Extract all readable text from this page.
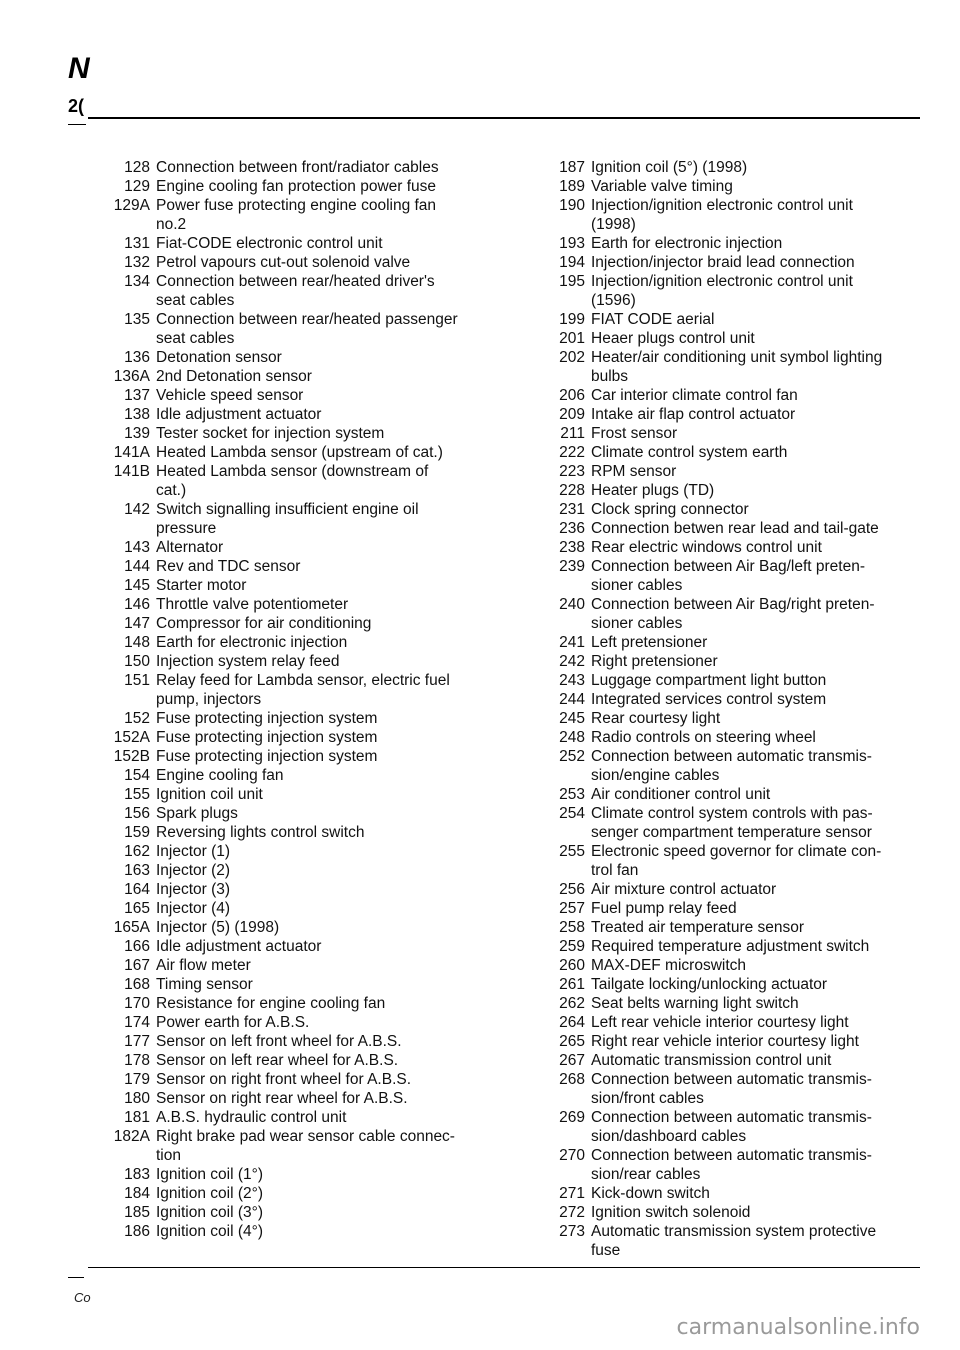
N
2(
128 Connection between front/radiator cables
129 Engine cooling fan protection power fuse
129A Power fuse protecting engine cooling fan
no.2
131 Fiat-CODE electronic control unit
132 Petrol vapours cut-out solenoid valve
134 Connection between rear/heated driver's
seat cables
135 Connection between rear/heated passenger
seat cables
136 Detonation sensor
136A 2nd Detonation sensor
137 Vehicle speed sensor
138 Idle adjustment actuator
139 Tester socket for injection system
141A Heated Lambda sensor (upstream of cat.)
141B Heated Lambda sensor (downstream of
cat.)
142 Switch signalling insufficient engine oil
pressure
143 Alternator
144 Rev and TDC sensor
145 Starter motor
146 Throttle valve potentiometer
147 Compressor for air conditioning
148 Earth for electronic injection
150 Injection system relay feed
151 Relay feed for Lambda sensor, electric fuel
pump, injectors
152 Fuse protecting injection system
152A Fuse protecting injection system
152B Fuse protecting injection system
154 Engine cooling fan
155 Ignition coil unit
156 Spark plugs
159 Reversing lights control switch
162 Injector (1)
163 Injector (2)
164 Injector (3)
165 Injector (4)
165A Injector (5) (1998)
166 Idle adjustment actuator
167 Air flow meter
168 Timing sensor
170 Resistance for engine cooling fan
174 Power earth for A.B.S.
177 Sensor on left front wheel for A.B.S.
178 Sensor on left rear wheel for A.B.S.
179 Sensor on right front wheel for A.B.S.
180 Sensor on right rear wheel for A.B.S.
181 A.B.S. hydraulic control unit
182A Right brake pad wear sensor cable connec-
tion
183 Ignition coil (1°)
184 Ignition coil (2°)
185 Ignition coil (3°)
186 Ignition coil (4°)
187 Ignition coil (5°) (1998)
189 Variable valve timing
190 Injection/ignition electronic control unit
(1998)
193 Earth for electronic injection
194 Injection/injector braid lead connection
195 Injection/ignition electronic control unit
(1596)
199 FIAT CODE aerial
201 Heaer plugs control unit
202 Heater/air conditioning unit symbol lighting
bulbs
206 Car interior climate control fan
209 Intake air flap control actuator
211 Frost sensor
222 Climate control system earth
223 RPM sensor
228 Heater plugs (TD)
231 Clock spring connector
236 Connection betwen rear lead and tail-gate
238 Rear electric windows control unit
239 Connection between Air Bag/left preten-
sioner cables
240 Connection between Air Bag/right preten-
sioner cables
241 Left pretensioner
242 Right pretensioner
243 Luggage compartment light button
244 Integrated services control system
245 Rear courtesy light
248 Radio controls on steering wheel
252 Connection between automatic transmis-
sion/engine cables
253 Air conditioner control unit
254 Climate control system controls with pas-
senger compartment temperature sensor
255 Electronic speed governor for climate con-
trol fan
256 Air mixture control actuator
257 Fuel pump relay feed
258 Treated air temperature sensor
259 Required temperature adjustment switch
260 MAX-DEF microswitch
261 Tailgate locking/unlocking actuator
262 Seat belts warning light switch
264 Left rear vehicle interior courtesy light
265 Right rear vehicle interior courtesy light
267 Automatic transmission control unit
268 Connection between automatic transmis-
sion/front cables
269 Connection between automatic transmis-
sion/dashboard cables
270 Connection between automatic transmis-
sion/rear cables
271 Kick-down switch
272 Ignition switch solenoid
273 Automatic transmission system protective
fuse
Co
carmanualsonline.info
